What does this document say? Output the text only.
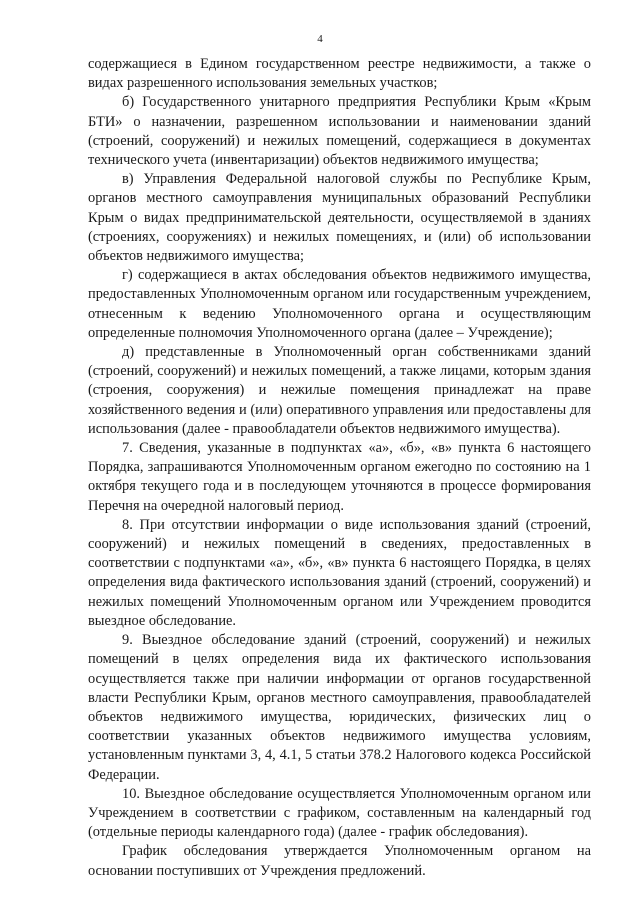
4

содержащиеся в Едином государственном реестре недвижимости, а также о видах разрешенного использования земельных участков;

б) Государственного унитарного предприятия Республики Крым «Крым БТИ» о назначении, разрешенном использовании и наименовании зданий (строений, сооружений) и нежилых помещений, содержащиеся в документах технического учета (инвентаризации) объектов недвижимого имущества;

в) Управления Федеральной налоговой службы по Республике Крым, органов местного самоуправления муниципальных образований Республики Крым о видах предпринимательской деятельности, осуществляемой в зданиях (строениях, сооружениях) и нежилых помещениях, и (или) об использовании объектов недвижимого имущества;

г) содержащиеся в актах обследования объектов недвижимого имущества, предоставленных Уполномоченным органом или государственным учреждением, отнесенным к ведению Уполномоченного органа и осуществляющим определенные полномочия Уполномоченного органа (далее – Учреждение);

д) представленные в Уполномоченный орган собственниками зданий (строений, сооружений) и нежилых помещений, а также лицами, которым здания (строения, сооружения) и нежилые помещения принадлежат на праве хозяйственного ведения и (или) оперативного управления или предоставлены для использования (далее - правообладатели объектов недвижимого имущества).

7. Сведения, указанные в подпунктах «а», «б», «в» пункта 6 настоящего Порядка, запрашиваются Уполномоченным органом ежегодно по состоянию на 1 октября текущего года и в последующем уточняются в процессе формирования Перечня на очередной налоговый период.

8. При отсутствии информации о виде использования зданий (строений, сооружений) и нежилых помещений в сведениях, предоставленных в соответствии с подпунктами «а», «б», «в» пункта 6 настоящего Порядка, в целях определения вида фактического использования зданий (строений, сооружений) и нежилых помещений Уполномоченным органом или Учреждением проводится выездное обследование.

9. Выездное обследование зданий (строений, сооружений) и нежилых помещений в целях определения вида их фактического использования осуществляется также при наличии информации от органов государственной власти Республики Крым, органов местного самоуправления, правообладателей объектов недвижимого имущества, юридических, физических лиц о соответствии указанных объектов недвижимого имущества условиям, установленным пунктами 3, 4, 4.1, 5 статьи 378.2 Налогового кодекса Российской Федерации.

10. Выездное обследование осуществляется Уполномоченным органом или Учреждением в соответствии с графиком, составленным на календарный год (отдельные периоды календарного года) (далее - график обследования).

График обследования утверждается Уполномоченным органом на основании поступивших от Учреждения предложений.
